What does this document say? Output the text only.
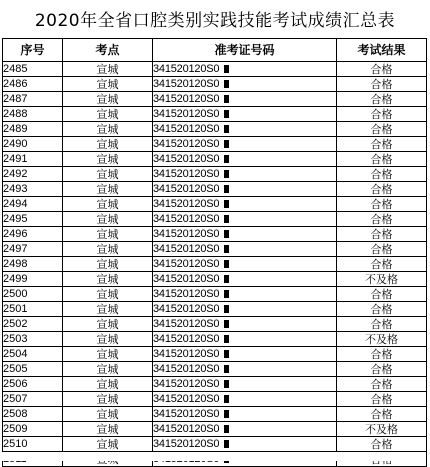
2020年全省口腔类别实践技能考试成绩汇总表
序号	考点	准考证号码	考试结果
2485	宣城	341520120S0	合格
2486	宣城	341520120S0	合格
2487	宣城	341520120S0	合格
2488	宣城	341520120S0	合格
2489	宣城	341520120S0	合格
2490	宣城	341520120S0	合格
2491	宣城	341520120S0	合格
2492	宣城	341520120S0	合格
2493	宣城	341520120S0	合格
2494	宣城	341520120S0	合格
2495	宣城	341520120S0	合格
2496	宣城	341520120S0	合格
2497	宣城	341520120S0	合格
2498	宣城	341520120S0	合格
2499	宣城	341520120S0	不及格
2500	宣城	341520120S0	合格
2501	宣城	341520120S0	合格
2502	宣城	341520120S0	合格
2503	宣城	341520120S0	不及格
2504	宣城	341520120S0	合格
2505	宣城	341520120S0	合格
2506	宣城	341520120S0	合格
2507	宣城	341520120S0	合格
2508	宣城	341520120S0	合格
2509	宣城	341520120S0	不及格
2510	宣城	341520120S0	合格
